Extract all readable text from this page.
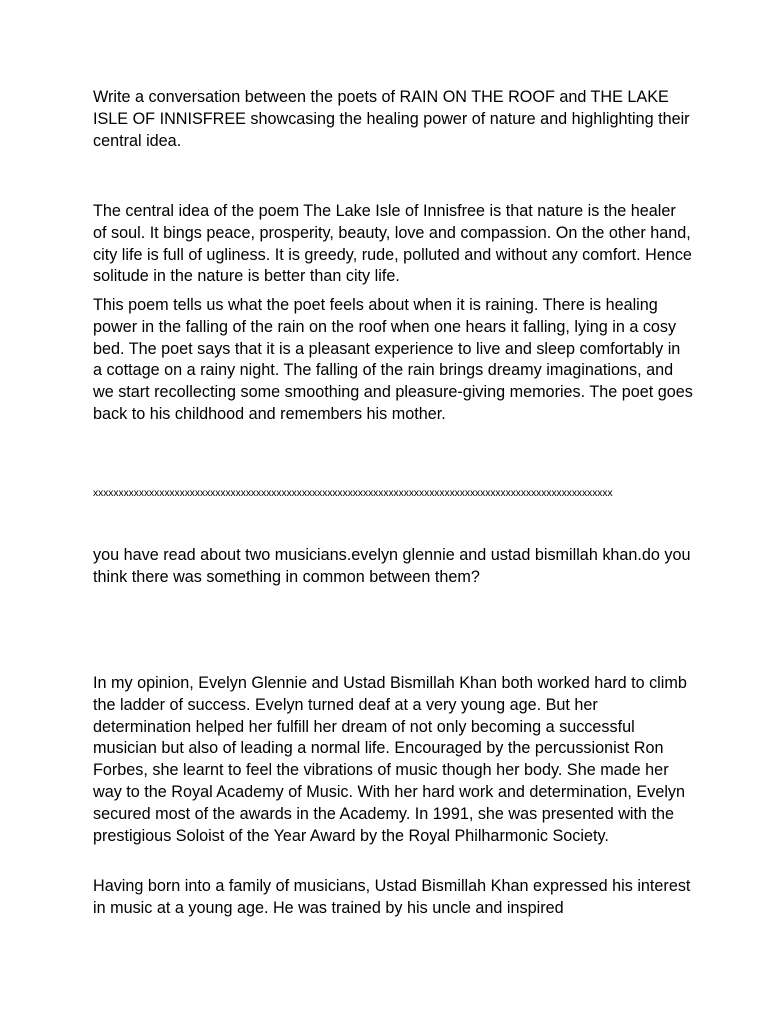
Write a conversation between the poets of RAIN ON THE ROOF and THE LAKE ISLE OF INNISFREE showcasing the healing power of nature and highlighting their central idea.

The central idea of the poem The Lake Isle of Innisfree is that nature is the healer of soul. It bings peace, prosperity, beauty, love and compassion. On the other hand, city life is full of ugliness. It is greedy, rude, polluted and without any comfort. Hence solitude in the nature is better than city life.

This poem tells us what the poet feels about when it is raining. There is healing power in the falling of the rain on the roof when one hears it falling, lying in a cosy bed. The poet says that it is a pleasant experience to live and sleep comfortably in a cottage on a rainy night. The falling of the rain brings dreamy imaginations, and we start recollecting some smoothing and pleasure-giving memories. The poet goes back to his childhood and remembers his mother.

xxxxxxxxxxxxxxxxxxxxxxxxxxxxxxxxxxxxxxxxxxxxxxxxxxxxxxxxxxxxxxxxxxxxxxxxxxxxxxxxxxxxxxxxxxxxxxxxxxxxxx

you have read about two musicians.evelyn glennie and ustad bismillah khan.do you think there was something in common between them?

In my opinion, Evelyn Glennie and Ustad Bismillah Khan both worked hard to climb the ladder of success. Evelyn turned deaf at a very young age. But her determination helped her fulfill her dream of not only becoming a successful musician but also of leading a normal life. Encouraged by the percussionist Ron Forbes, she learnt to feel the vibrations of music though her body. She made her way to the Royal Academy of Music. With her hard work and determination, Evelyn secured most of the awards in the Academy. In 1991, she was presented with the prestigious Soloist of the Year Award by the Royal Philharmonic Society.

Having born into a family of musicians, Ustad Bismillah Khan expressed his interest in music at a young age. He was trained by his uncle and inspired
